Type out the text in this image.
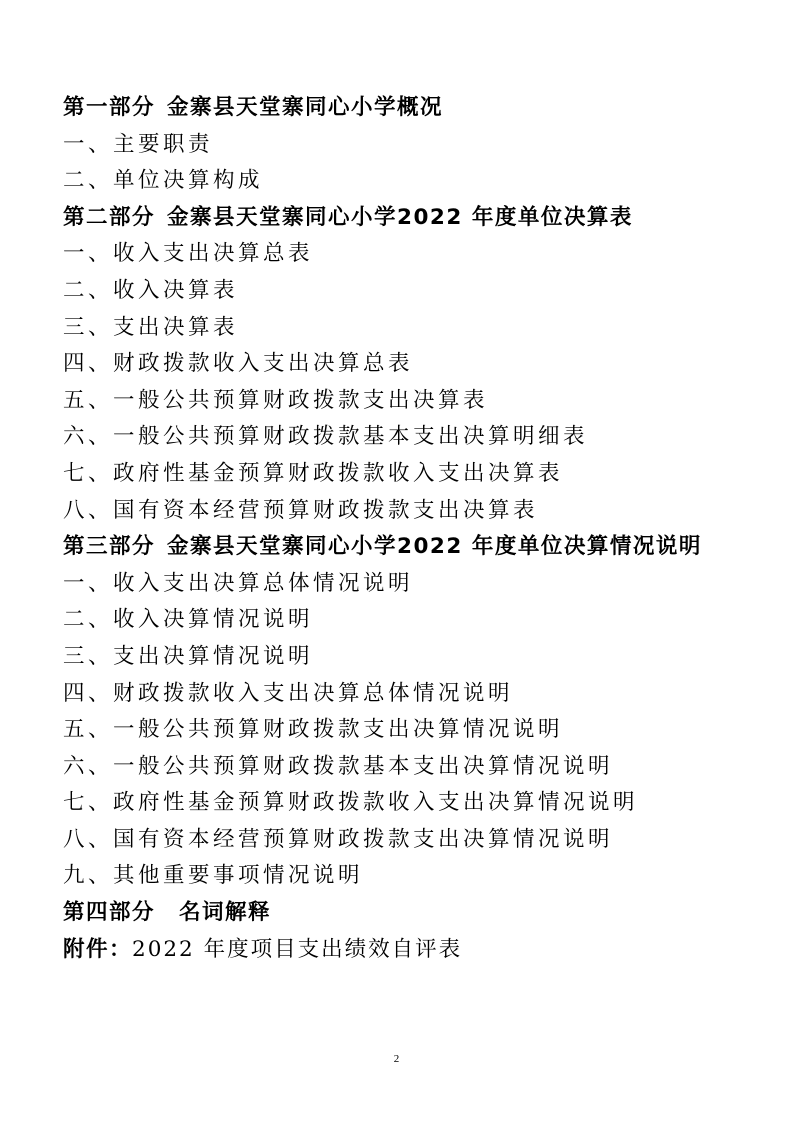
第一部分 金寨县天堂寨同心小学概况
一、主要职责
二、单位决算构成
第二部分 金寨县天堂寨同心小学2022 年度单位决算表
一、收入支出决算总表
二、收入决算表
三、支出决算表
四、财政拨款收入支出决算总表
五、一般公共预算财政拨款支出决算表
六、一般公共预算财政拨款基本支出决算明细表
七、政府性基金预算财政拨款收入支出决算表
八、国有资本经营预算财政拨款支出决算表
第三部分 金寨县天堂寨同心小学2022 年度单位决算情况说明
一、收入支出决算总体情况说明
二、收入决算情况说明
三、支出决算情况说明
四、财政拨款收入支出决算总体情况说明
五、一般公共预算财政拨款支出决算情况说明
六、一般公共预算财政拨款基本支出决算情况说明
七、政府性基金预算财政拨款收入支出决算情况说明
八、国有资本经营预算财政拨款支出决算情况说明
九、其他重要事项情况说明
第四部分 名词解释
附件：2022 年度项目支出绩效自评表
2
